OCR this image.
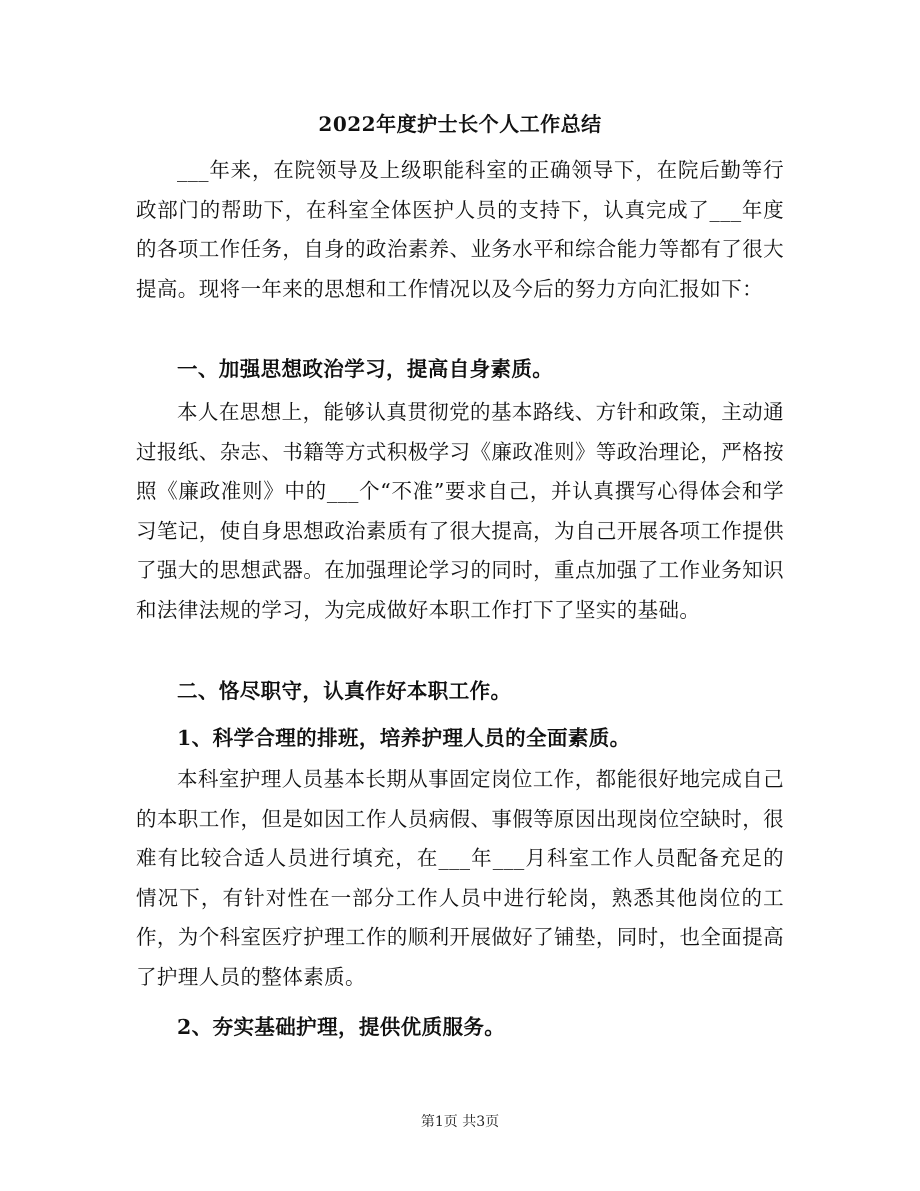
2022年度护士长个人工作总结
___年来，在院领导及上级职能科室的正确领导下，在院后勤等行政部门的帮助下，在科室全体医护人员的支持下，认真完成了___年度的各项工作任务，自身的政治素养、业务水平和综合能力等都有了很大提高。现将一年来的思想和工作情况以及今后的努力方向汇报如下：
一、加强思想政治学习，提高自身素质。
本人在思想上，能够认真贯彻党的基本路线、方针和政策，主动通过报纸、杂志、书籍等方式积极学习《廉政准则》等政治理论，严格按照《廉政准则》中的___个“不准”要求自己，并认真撰写心得体会和学习笔记，使自身思想政治素质有了很大提高，为自己开展各项工作提供了强大的思想武器。在加强理论学习的同时，重点加强了工作业务知识和法律法规的学习，为完成做好本职工作打下了坚实的基础。
二、恪尽职守，认真作好本职工作。
1、科学合理的排班，培养护理人员的全面素质。
本科室护理人员基本长期从事固定岗位工作，都能很好地完成自己的本职工作，但是如因工作人员病假、事假等原因出现岗位空缺时，很难有比较合适人员进行填充，在___年___月科室工作人员配备充足的情况下，有针对性在一部分工作人员中进行轮岗，熟悉其他岗位的工作，为个科室医疗护理工作的顺利开展做好了铺垫，同时，也全面提高了护理人员的整体素质。
2、夯实基础护理，提供优质服务。
第1页 共3页
